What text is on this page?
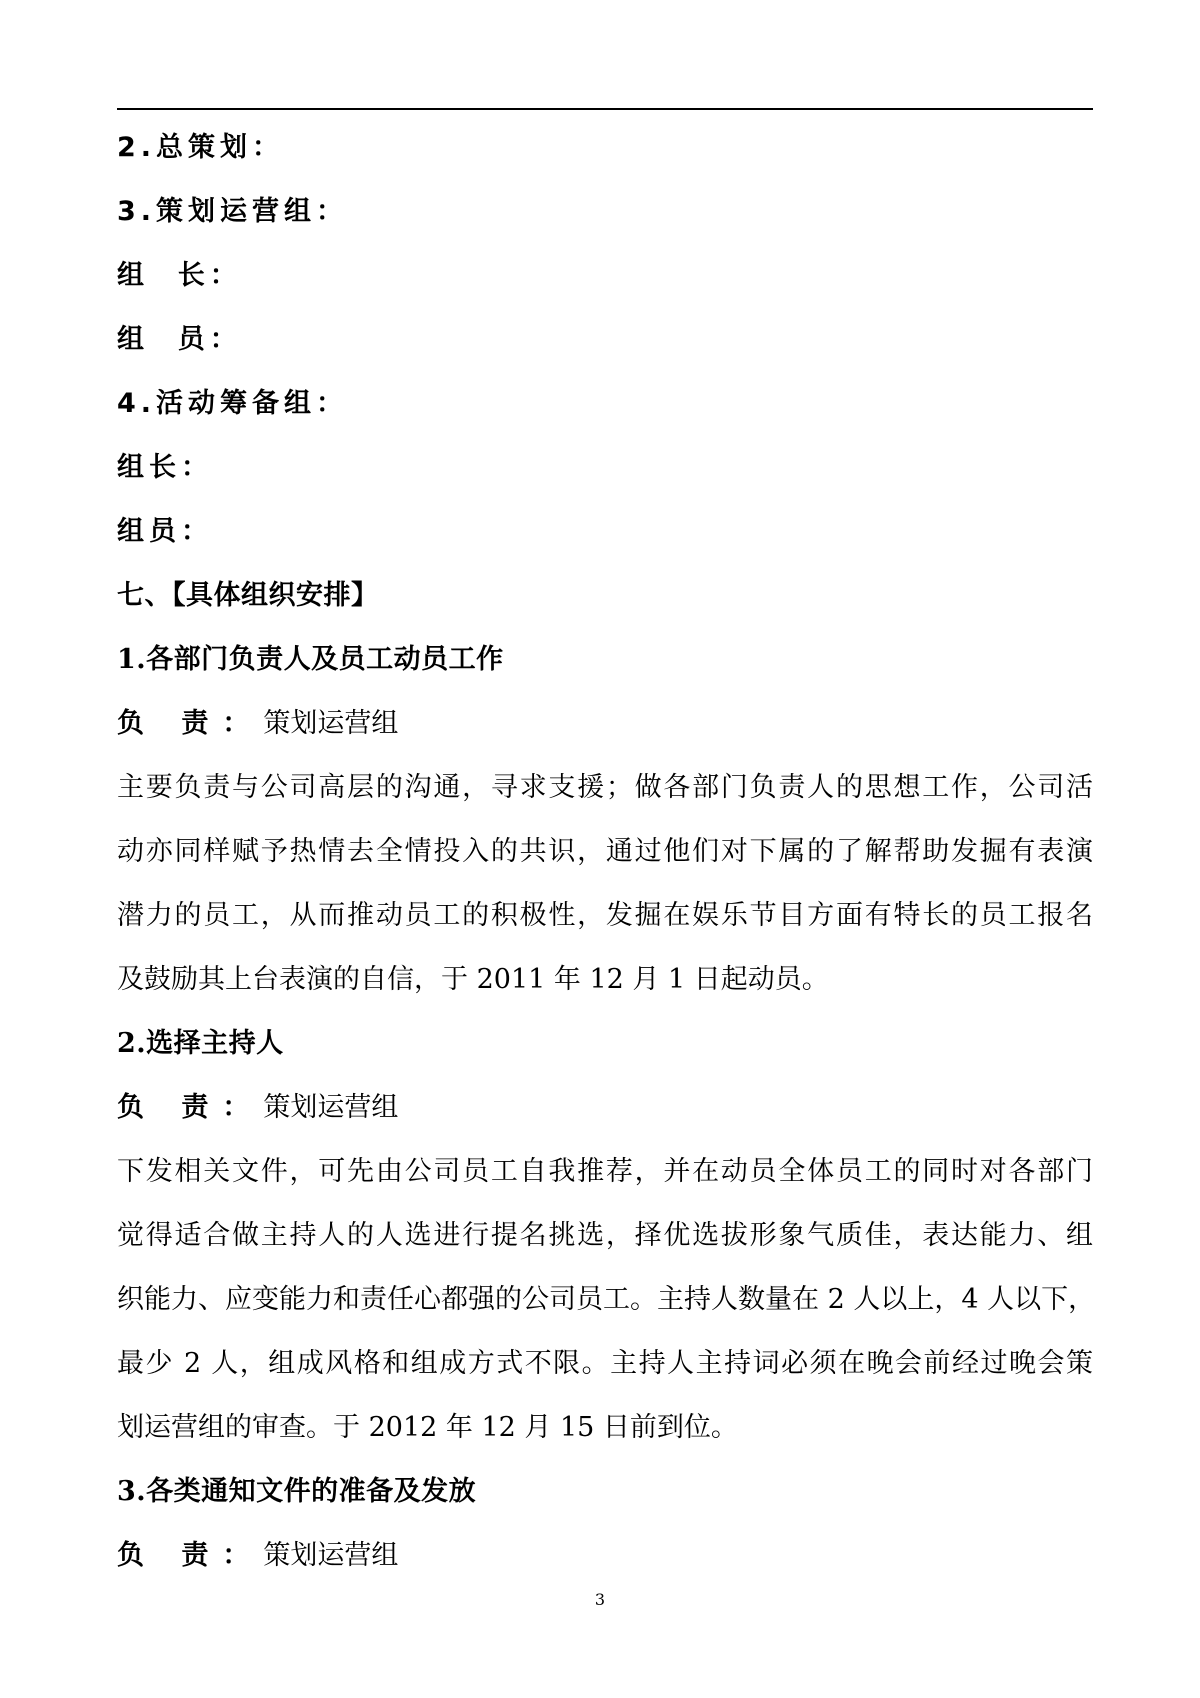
2.总策划：
3.策划运营组：
组  长：
组  员：
4.活动筹备组：
组长：
组员：
七、【具体组织安排】
1.各部门负责人及员工动员工作
负 责：策划运营组
主要负责与公司高层的沟通，寻求支援；做各部门负责人的思想工作，公司活
动亦同样赋予热情去全情投入的共识，通过他们对下属的了解帮助发掘有表演
潜力的员工，从而推动员工的积极性，发掘在娱乐节目方面有特长的员工报名
及鼓励其上台表演的自信，于 2011 年 12 月 1 日起动员。
2.选择主持人
负 责：策划运营组
下发相关文件，可先由公司员工自我推荐，并在动员全体员工的同时对各部门
觉得适合做主持人的人选进行提名挑选，择优选拔形象气质佳，表达能力、组
织能力、应变能力和责任心都强的公司员工。主持人数量在 2 人以上，4 人以下，
最少 2 人，组成风格和组成方式不限。主持人主持词必须在晚会前经过晚会策
划运营组的审查。于 2012 年 12 月 15 日前到位。
3.各类通知文件的准备及发放
负 责：策划运营组
3
